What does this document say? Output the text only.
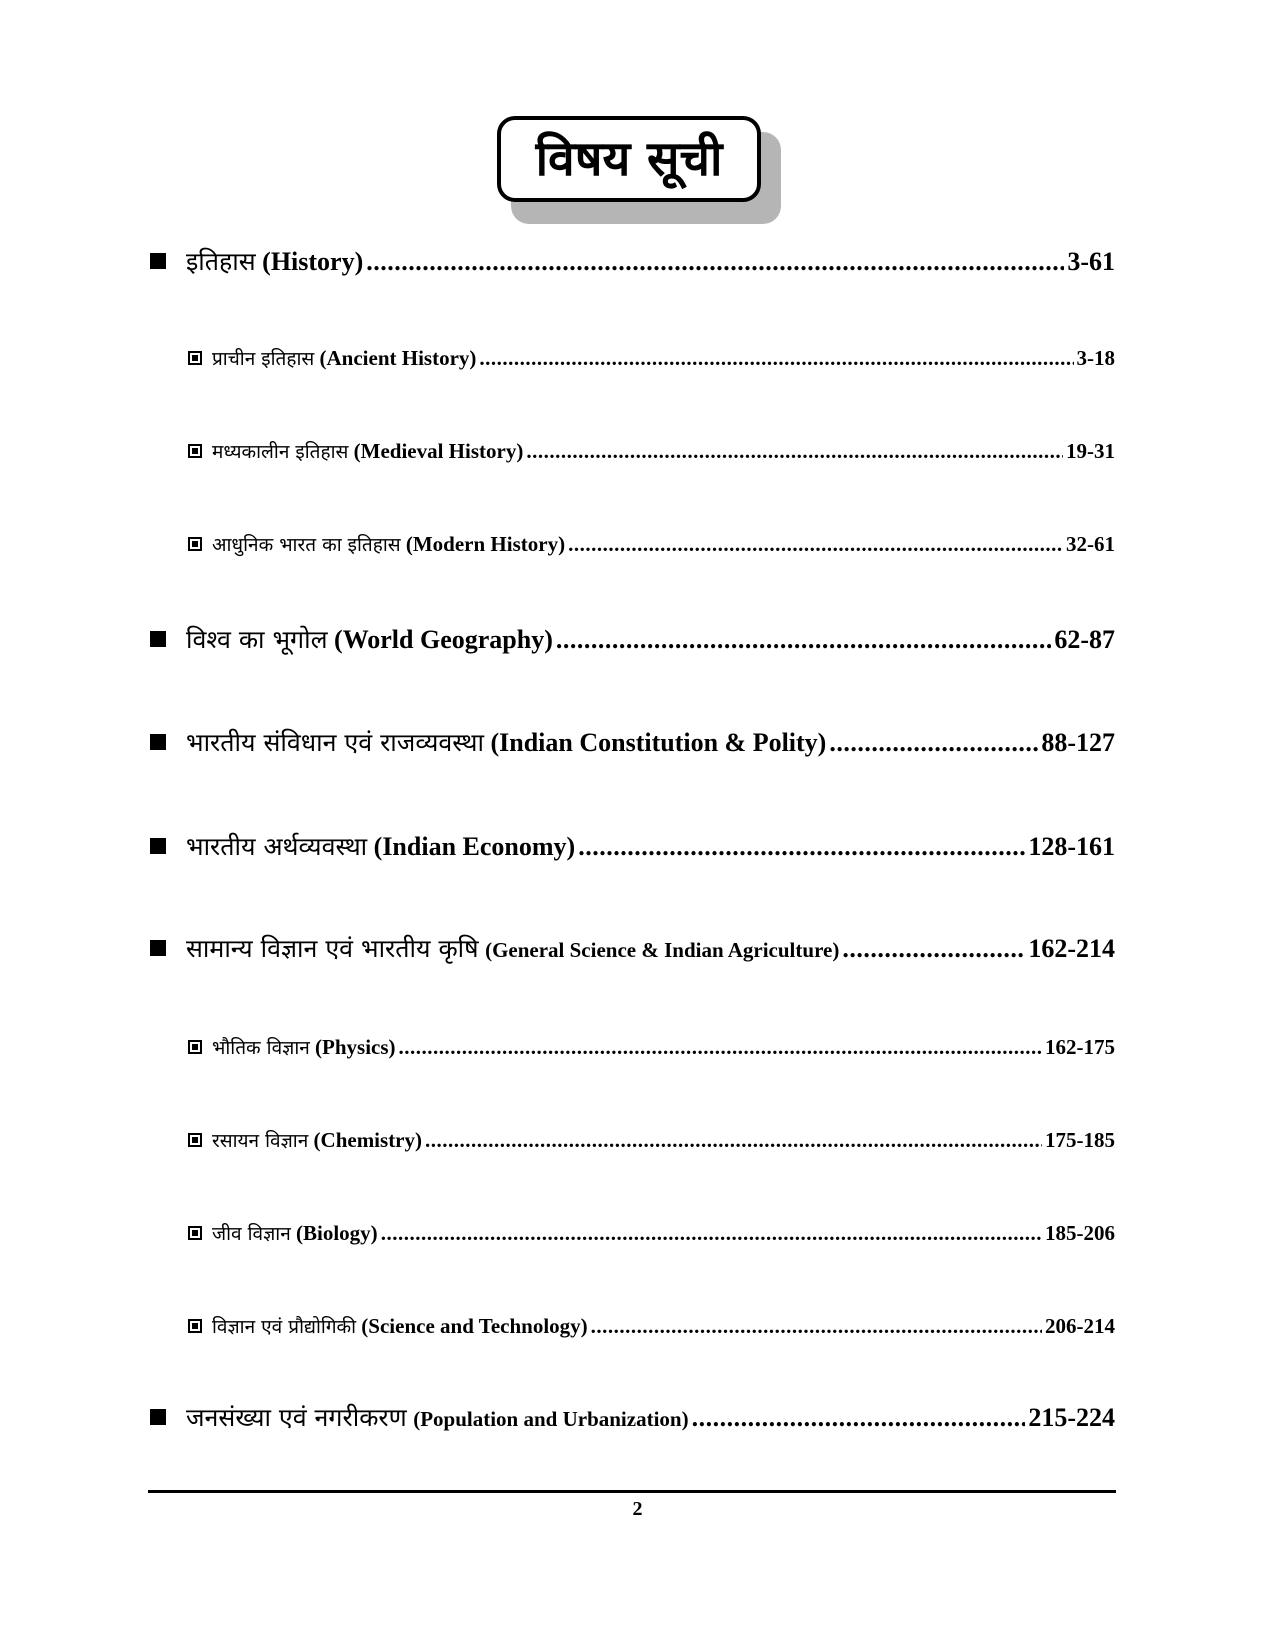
विषय सूची
इतिहास (History) .....	3-61
प्राचीन इतिहास (Ancient History) .....	3-18
मध्यकालीन इतिहास (Medieval History) .....	19-31
आधुनिक भारत का इतिहास (Modern History) .....	32-61
विश्व का भूगोल (World Geography) .....	62-87
भारतीय संविधान एवं राजव्यवस्था (Indian Constitution & Polity) .....	88-127
भारतीय अर्थव्यवस्था (Indian Economy) .....	128-161
सामान्य विज्ञान एवं भारतीय कृषि (General Science & Indian Agriculture) .....	162-214
भौतिक विज्ञान (Physics) .....	162-175
रसायन विज्ञान (Chemistry) .....	175-185
जीव विज्ञान (Biology) .....	185-206
विज्ञान एवं प्रौद्योगिकी (Science and Technology) .....	206-214
जनसंख्या एवं नगरीकरण (Population and Urbanization) .....	215-224
2
